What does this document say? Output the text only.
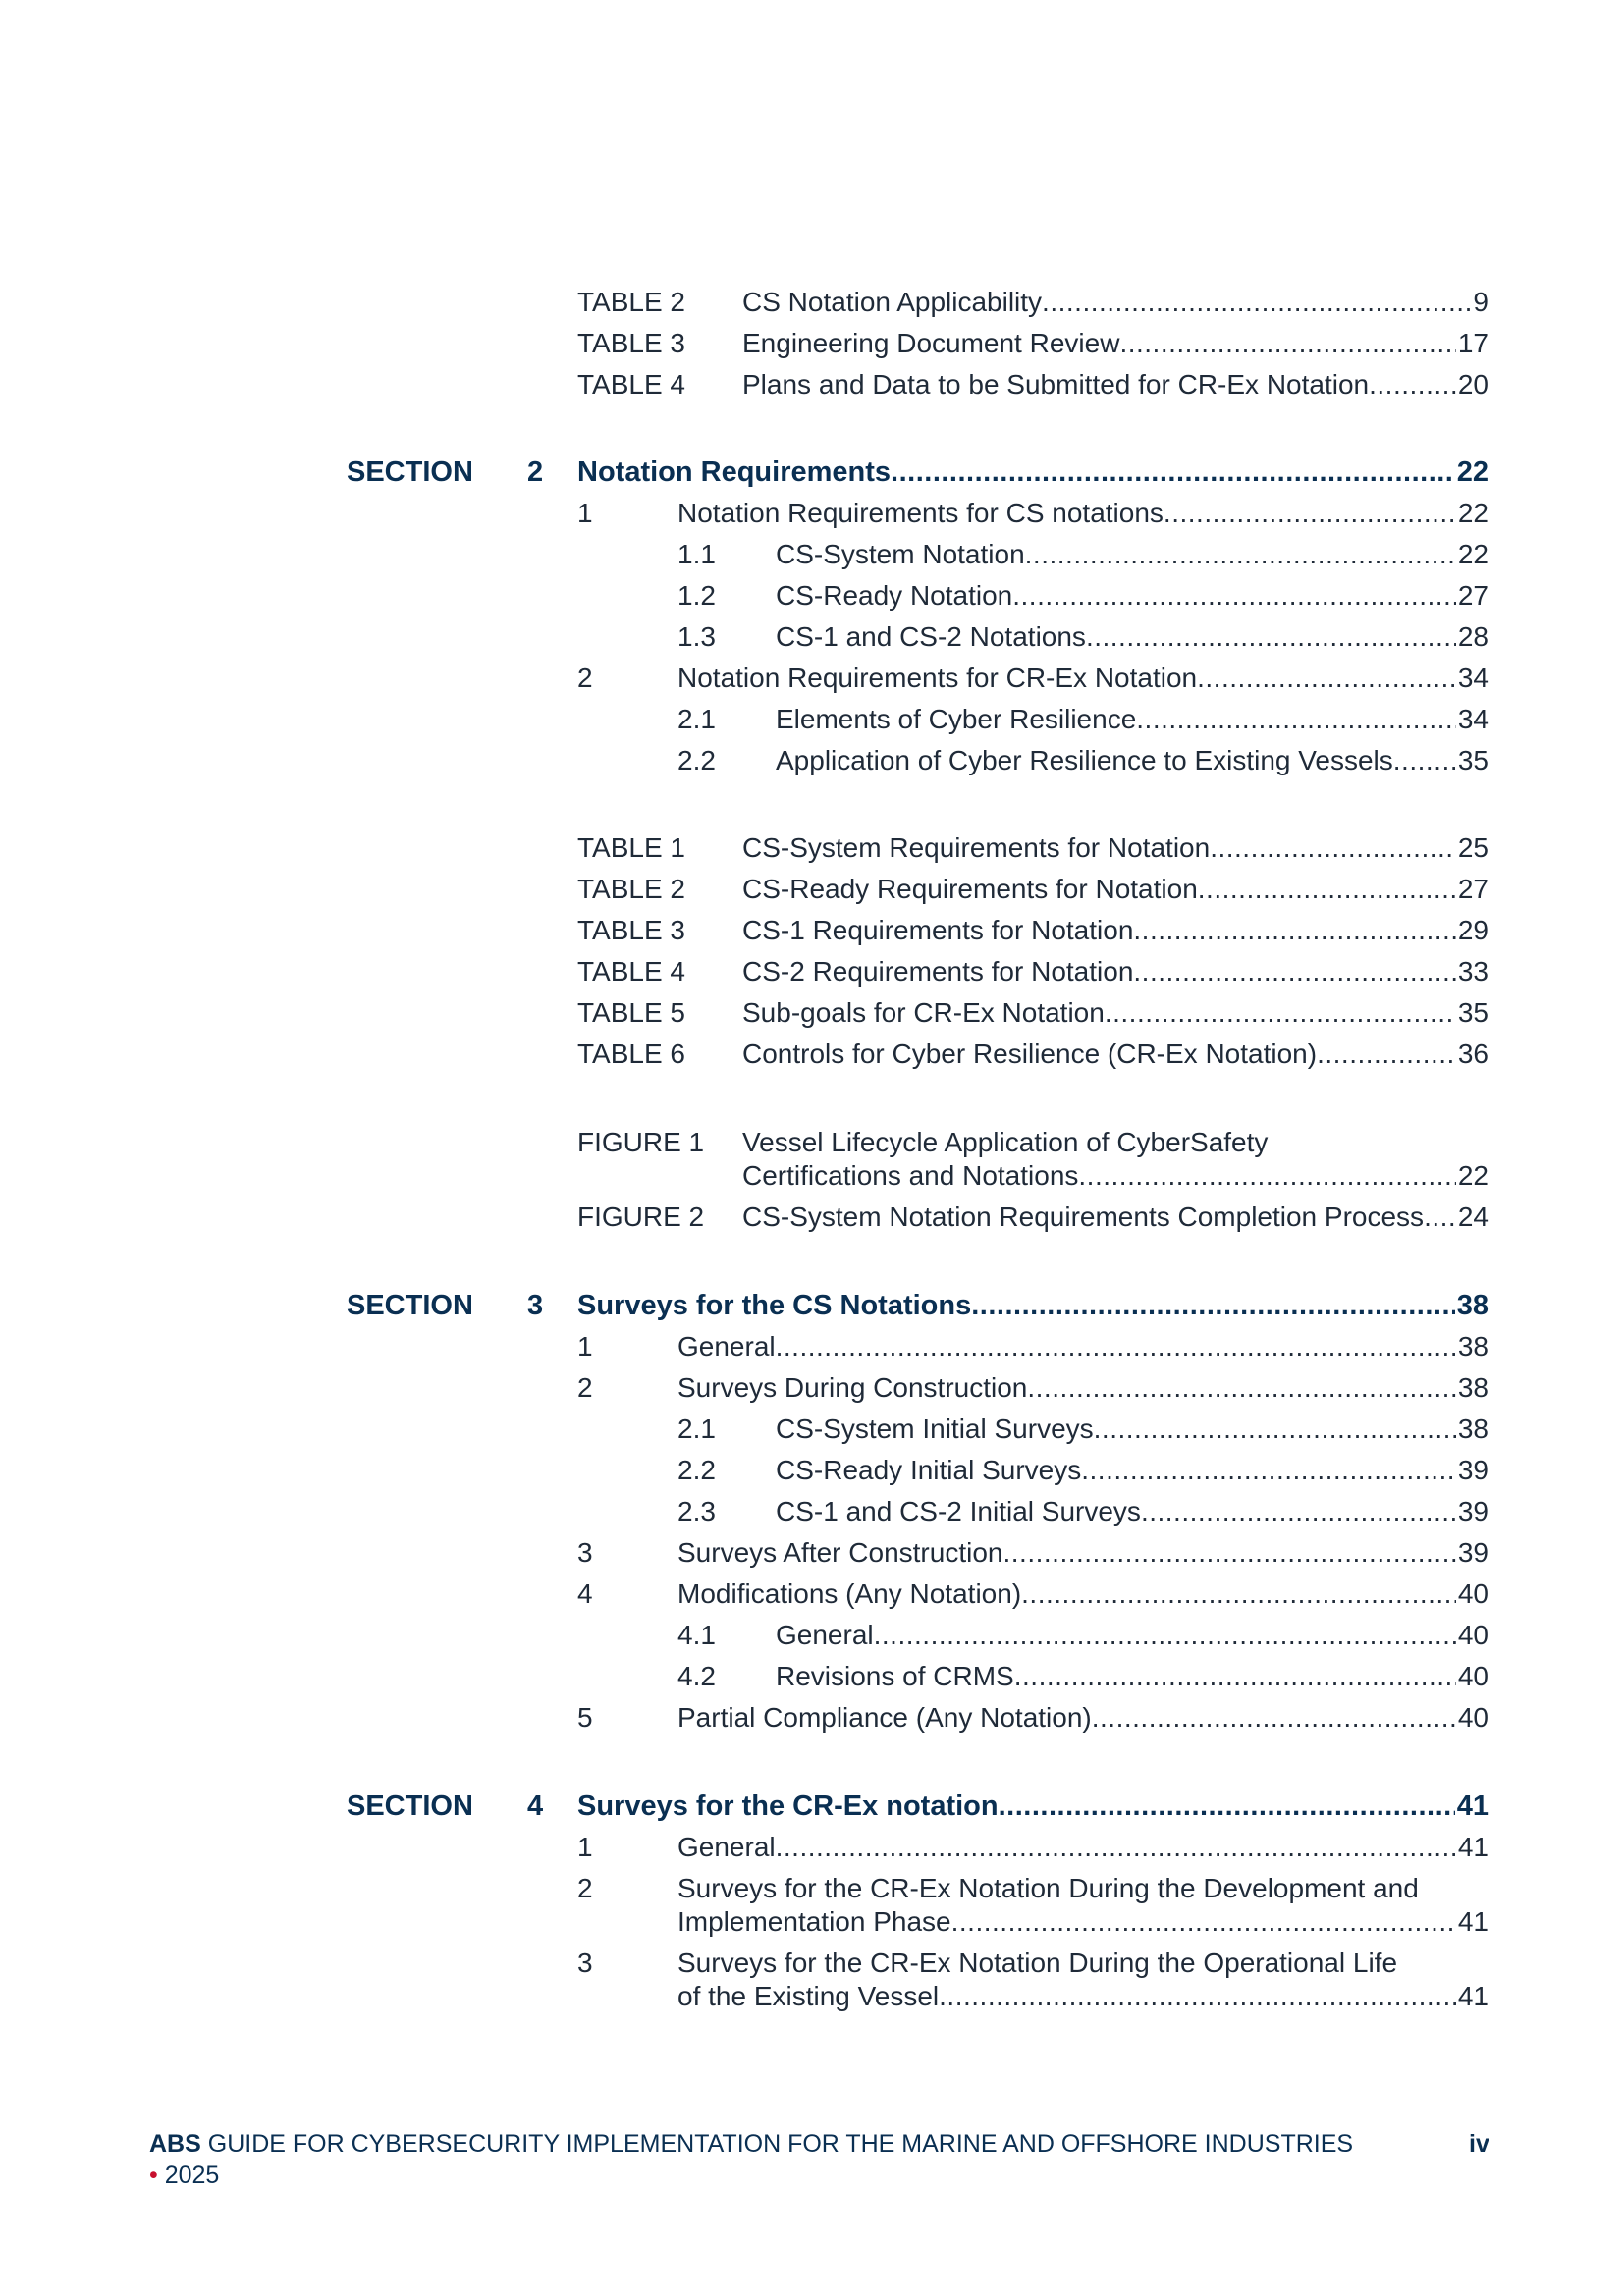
TABLE 2 CS Notation Applicability .....	9
TABLE 3 Engineering Document Review .....	17
TABLE 4 Plans and Data to be Submitted for CR-Ex Notation .....	20
SECTION 2 Notation Requirements .....	22
1	Notation Requirements for CS notations .....	22
1.1 CS-System Notation .....	22
1.2 CS-Ready Notation .....	27
1.3 CS-1 and CS-2 Notations .....	28
2	Notation Requirements for CR-Ex Notation .....	34
2.1 Elements of Cyber Resilience .....	34
2.2 Application of Cyber Resilience to Existing Vessels ..... 35
TABLE 1 CS-System Requirements for Notation .....	25
TABLE 2 CS-Ready Requirements for Notation .....	27
TABLE 3 CS-1 Requirements for Notation .....	29
TABLE 4 CS-2 Requirements for Notation .....	33
TABLE 5 Sub-goals for CR-Ex Notation .....	35
TABLE 6 Controls for Cyber Resilience (CR-Ex Notation) .....	36
FIGURE 1 Vessel Lifecycle Application of CyberSafety
Certifications and Notations .....	22
FIGURE 2 CS-System Notation Requirements Completion Process ..... 24
SECTION 3 Surveys for the CS Notations .....	38
1	General .....	38
2	Surveys During Construction .....	38
2.1 CS-System Initial Surveys .....	38
2.2 CS-Ready Initial Surveys .....	39
2.3 CS-1 and CS-2 Initial Surveys .....	39
3	Surveys After Construction .....	39
4	Modifications (Any Notation) .....	40
4.1 General .....	40
4.2 Revisions of CRMS .....	40
5	Partial Compliance (Any Notation) .....	40
SECTION 4 Surveys for the CR-Ex notation .....	41
1	General .....	41
2	Surveys for the CR-Ex Notation During the Development and
Implementation Phase .....	41
3	Surveys for the CR-Ex Notation During the Operational Life
of the Existing Vessel .....	41
ABS GUIDE FOR CYBERSECURITY IMPLEMENTATION FOR THE MARINE AND OFFSHORE INDUSTRIES
• 2025
iv
